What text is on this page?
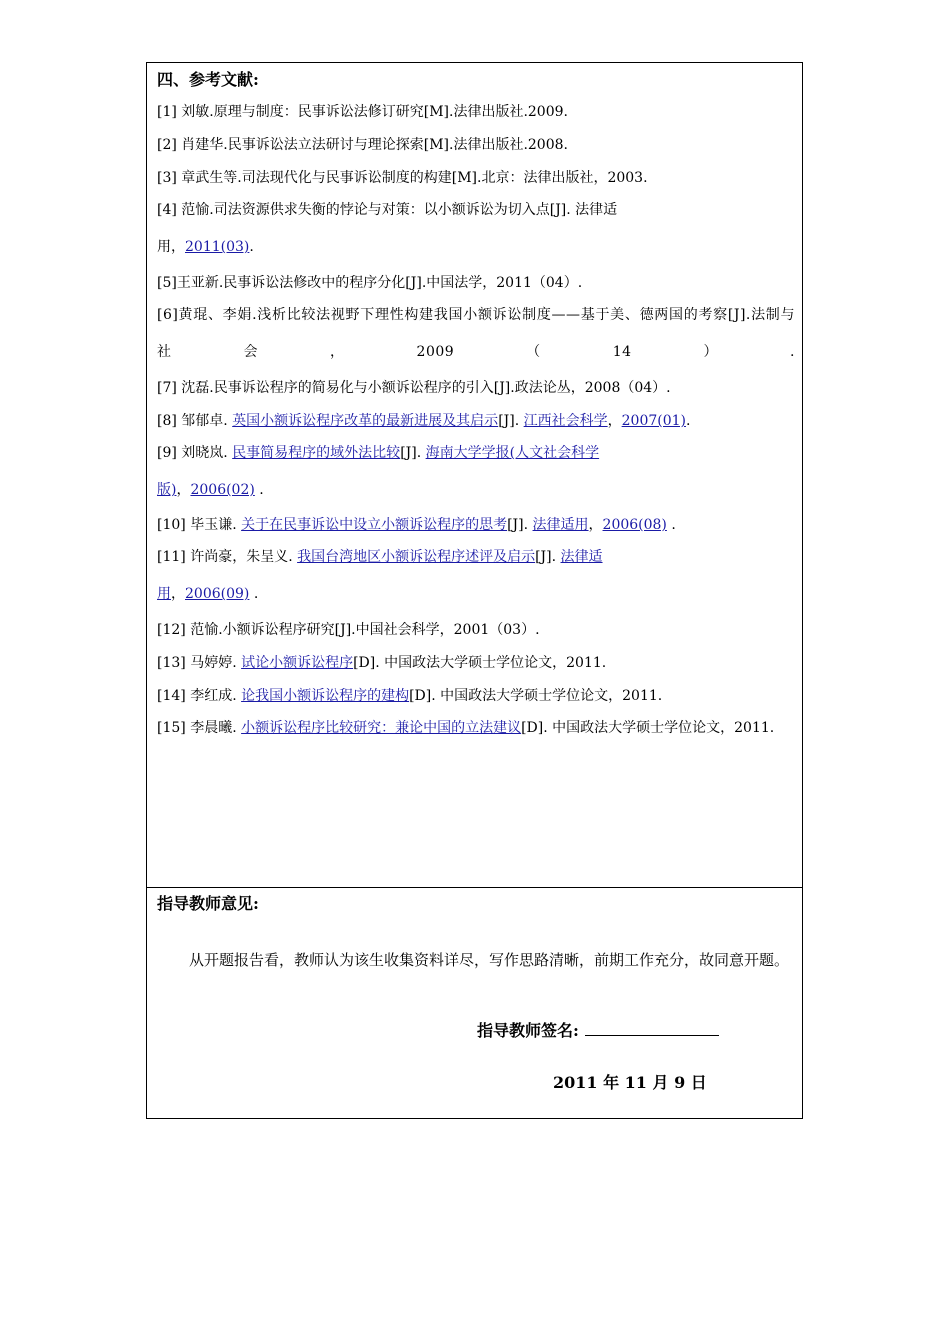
四、参考文献:
[1] 刘敏.原理与制度：民事诉讼法修订研究[M].法律出版社.2009.
[2] 肖建华.民事诉讼法立法研讨与理论探索[M].法律出版社.2008.
[3] 章武生等.司法现代化与民事诉讼制度的构建[M].北京：法律出版社，2003.
[4] 范愉.司法资源供求失衡的悖论与对策：以小额诉讼为切入点[J]. 法律适
用，2011(03).
[5]王亚新.民事诉讼法修改中的程序分化[J].中国法学，2011（04）.
[6]黄琨、李娟.浅析比较法视野下理性构建我国小额诉讼制度——基于美、德两国的考察[J].法制与社会，2009（14）.
[7] 沈磊.民事诉讼程序的简易化与小额诉讼程序的引入[J].政法论丛，2008（04）.
[8] 邹郁卓. 英国小额诉讼程序改革的最新进展及其启示[J]. 江西社会科学，2007(01).
[9] 刘晓岚. 民事简易程序的域外法比较[J]. 海南大学学报(人文社会科学
版)，2006(02) .
[10] 毕玉谦. 关于在民事诉讼中设立小额诉讼程序的思考[J]. 法律适用，2006(08) .
[11] 许尚豪，朱呈义. 我国台湾地区小额诉讼程序述评及启示[J]. 法律适
用，2006(09) .
[12] 范愉.小额诉讼程序研究[J].中国社会科学，2001（03）.
[13] 马婷婷. 试论小额诉讼程序[D]. 中国政法大学硕士学位论文，2011.
[14] 李红成. 论我国小额诉讼程序的建构[D]. 中国政法大学硕士学位论文，2011.
[15] 李晨曦. 小额诉讼程序比较研究：兼论中国的立法建议[D]. 中国政法大学硕士学位论文，2011.
指导教师意见:
从开题报告看，教师认为该生收集资料详尽，写作思路清晰，前期工作充分，故同意开题。
指导教师签名:
2011 年 11 月 9 日
